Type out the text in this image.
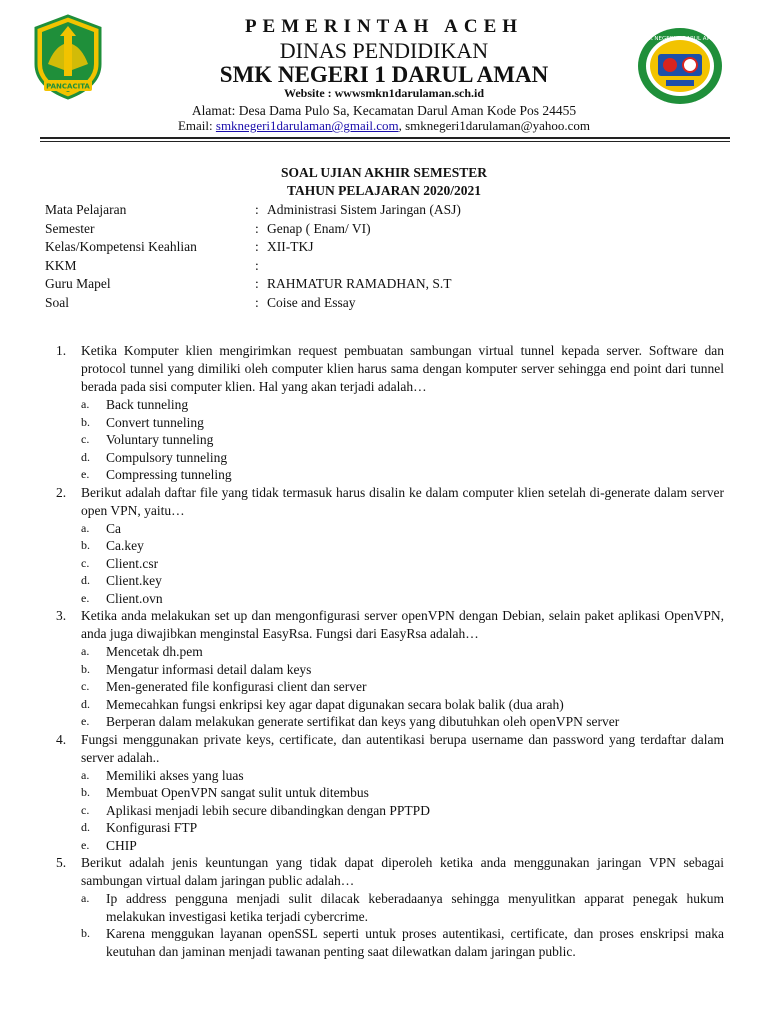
PANCACITA
SMK NEGERI 1 DARUL AMAN
PEMERINTAH ACEH
DINAS PENDIDIKAN
SMK NEGERI 1 DARUL AMAN
Website : wwwsmkn1darulaman.sch.id
Alamat: Desa Dama Pulo Sa, Kecamatan Darul Aman Kode Pos 24455
Email: smknegeri1darulaman@gmail.com, smknegeri1darulaman@yahoo.com
SOAL UJIAN AKHIR SEMESTER
TAHUN PELAJARAN 2020/2021
Mata Pelajaran	: Administrasi Sistem Jaringan (ASJ)
Semester	: Genap ( Enam/ VI)
Kelas/Kompetensi Keahlian	: XII-TKJ
KKM	:
Guru Mapel	: RAHMATUR RAMADHAN, S.T
Soal	: Coise and Essay
1. Ketika Komputer klien mengirimkan request pembuatan sambungan virtual tunnel kepada server. Software dan protocol tunnel yang dimiliki oleh computer klien harus sama dengan komputer server sehingga end point dari tunnel berada pada sisi computer klien. Hal yang akan terjadi adalah…
a. Back tunneling
b. Convert tunneling
c. Voluntary tunneling
d. Compulsory tunneling
e. Compressing tunneling
2. Berikut adalah daftar file yang tidak termasuk harus disalin ke dalam computer klien setelah di-generate dalam server open VPN, yaitu…
a. Ca
b. Ca.key
c. Client.csr
d. Client.key
e. Client.ovn
3. Ketika anda melakukan set up dan mengonfigurasi server openVPN dengan Debian, selain paket aplikasi OpenVPN, anda juga diwajibkan menginstal EasyRsa. Fungsi dari EasyRsa adalah…
a. Mencetak dh.pem
b. Mengatur informasi detail dalam keys
c. Men-generated file konfigurasi client dan server
d. Memecahkan fungsi enkripsi key agar dapat digunakan secara bolak balik (dua arah)
e. Berperan dalam melakukan generate sertifikat dan keys yang dibutuhkan oleh openVPN server
4. Fungsi menggunakan private keys, certificate, dan autentikasi berupa username dan password yang terdaftar dalam server adalah..
a. Memiliki akses yang luas
b. Membuat OpenVPN sangat sulit untuk ditembus
c. Aplikasi menjadi lebih secure dibandingkan dengan PPTPD
d. Konfigurasi FTP
e. CHIP
5. Berikut adalah jenis keuntungan yang tidak dapat diperoleh ketika anda menggunakan jaringan VPN sebagai sambungan virtual dalam jaringan public adalah…
a. Ip address pengguna menjadi sulit dilacak keberadaanya sehingga menyulitkan apparat penegak hukum melakukan investigasi ketika terjadi cybercrime.
b. Karena menggukan layanan openSSL seperti untuk proses autentikasi, certificate, dan proses enskripsi maka keutuhan dan jaminan menjadi tawanan penting saat dilewatkan dalam jaringan public.
